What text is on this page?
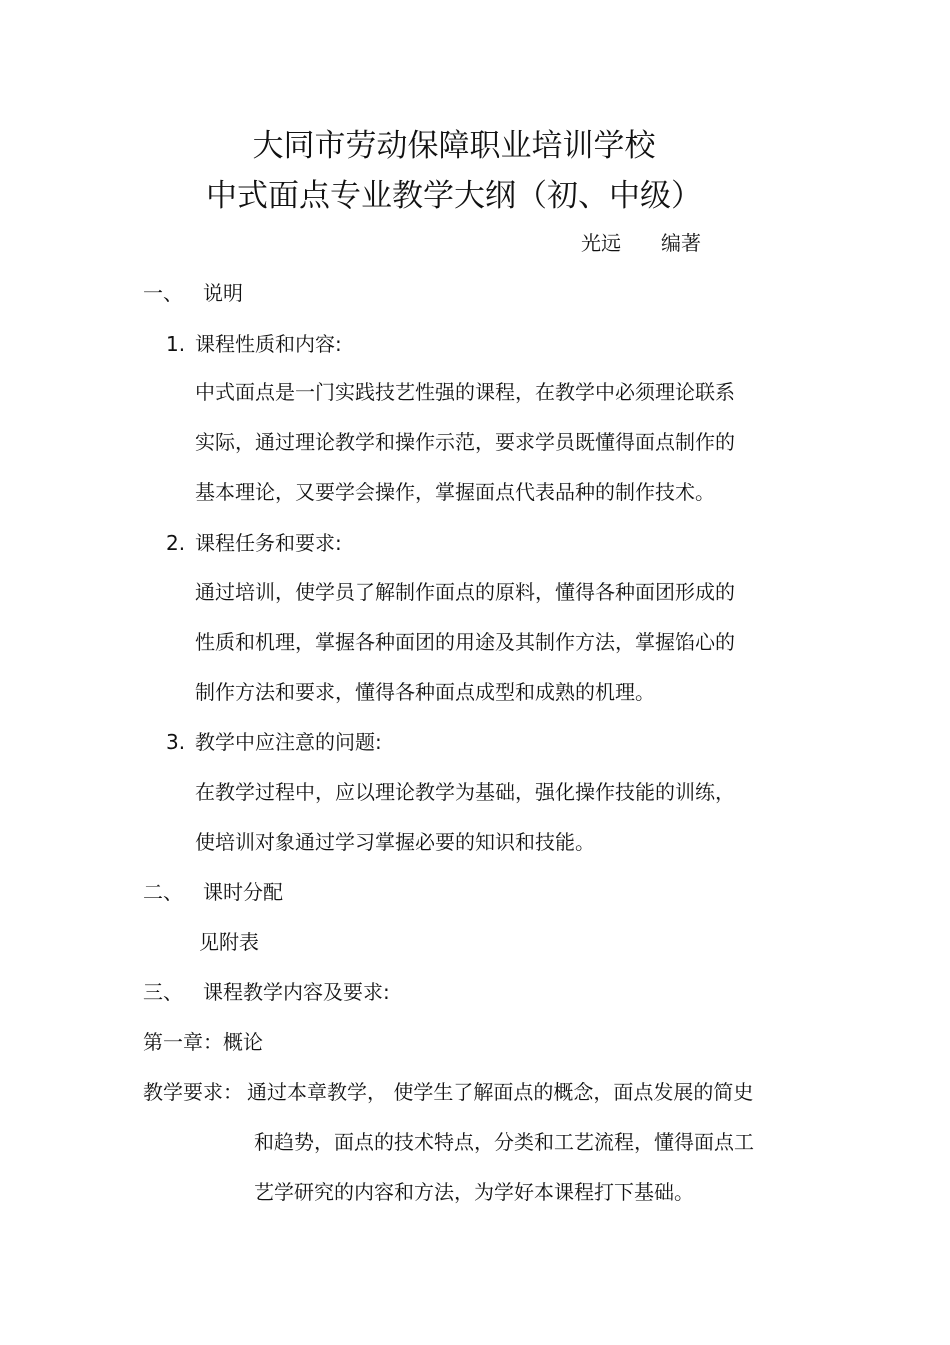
大同市劳动保障职业培训学校
中式面点专业教学大纲（初、中级）
光远 编著
一、 说明
1. 课程性质和内容:
中式面点是一门实践技艺性强的课程，在教学中必须理论联系
实际，通过理论教学和操作示范，要求学员既懂得面点制作的
基本理论，又要学会操作，掌握面点代表品种的制作技术。
2. 课程任务和要求:
通过培训，使学员了解制作面点的原料，懂得各种面团形成的
性质和机理，掌握各种面团的用途及其制作方法，掌握馅心的
制作方法和要求，懂得各种面点成型和成熟的机理。
3. 教学中应注意的问题:
在教学过程中，应以理论教学为基础，强化操作技能的训练，
使培训对象通过学习掌握必要的知识和技能。
二、 课时分配
见附表
三、 课程教学内容及要求:
第一章：概论
教学要求： 通过本章教学， 使学生了解面点的概念，面点发展的简史
和趋势，面点的技术特点，分类和工艺流程，懂得面点工
艺学研究的内容和方法，为学好本课程打下基础。
